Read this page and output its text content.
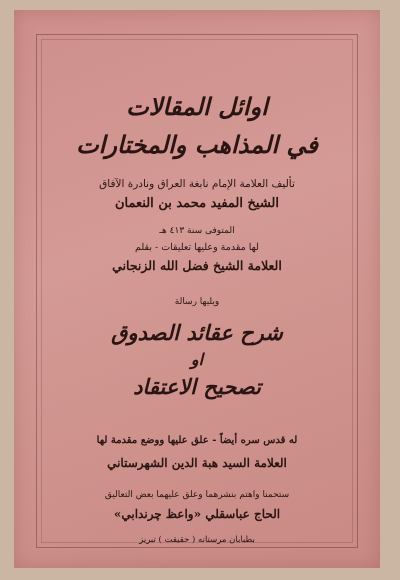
اوائل المقالات
في المذاهب والمختارات
تأليف العلامة الإمام نابغة العراق ونادرة الآفاق
الشيخ المفيد محمد بن النعمان
المتوفى سنة ٤١٣ هـ
لها مقدمة وعليها تعليقات - بقلم
العلامة الشيخ فضل الله الزنجاني
ويليها رسالة
شرح عقائد الصدوق
او
تصحيح الاعتقاد
له قدس سره أيضاً - علق عليها ووضع مقدمة لها
العلامة السيد هبة الدين الشهرستاني
ستحمنا واهتم بنشرهما وعلق عليهما بعض التعاليق
الحاج عباسقلي «واعظ چرندابي»
بطبابان مرستانه ( حقيقت ) تبريز
